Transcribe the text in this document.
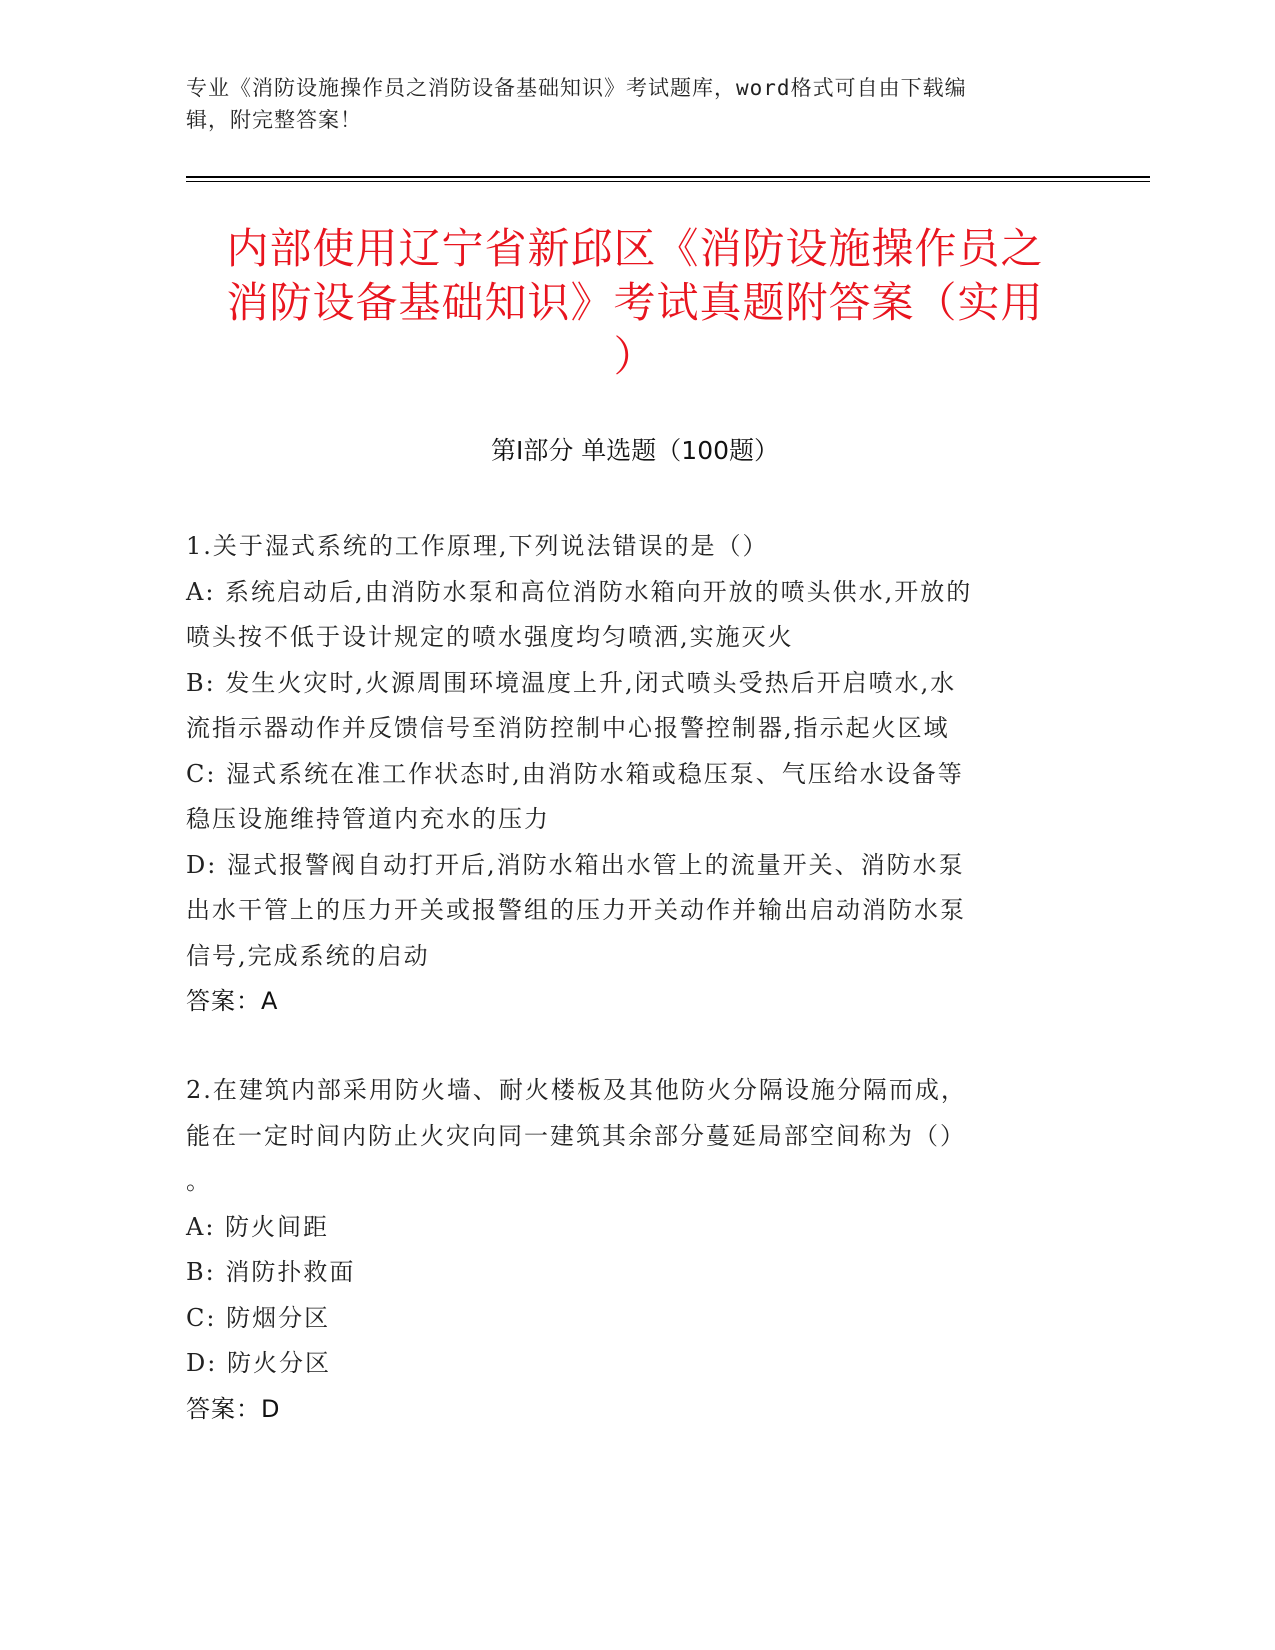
专业《消防设施操作员之消防设备基础知识》考试题库，word格式可自由下载编
辑，附完整答案！
内部使用辽宁省新邱区《消防设施操作员之
消防设备基础知识》考试真题附答案（实用
）
第Ⅰ部分 单选题（100题）
1.关于湿式系统的工作原理,下列说法错误的是（）
A: 系统启动后,由消防水泵和高位消防水箱向开放的喷头供水,开放的
喷头按不低于设计规定的喷水强度均匀喷洒,实施灭火
B: 发生火灾时,火源周围环境温度上升,闭式喷头受热后开启喷水,水
流指示器动作并反馈信号至消防控制中心报警控制器,指示起火区域
C: 湿式系统在准工作状态时,由消防水箱或稳压泵、气压给水设备等
稳压设施维持管道内充水的压力
D: 湿式报警阀自动打开后,消防水箱出水管上的流量开关、消防水泵
出水干管上的压力开关或报警组的压力开关动作并输出启动消防水泵
信号,完成系统的启动
答案：A
2.在建筑内部采用防火墙、耐火楼板及其他防火分隔设施分隔而成，
能在一定时间内防止火灾向同一建筑其余部分蔓延局部空间称为（）
。
A: 防火间距
B: 消防扑救面
C: 防烟分区
D: 防火分区
答案：D
